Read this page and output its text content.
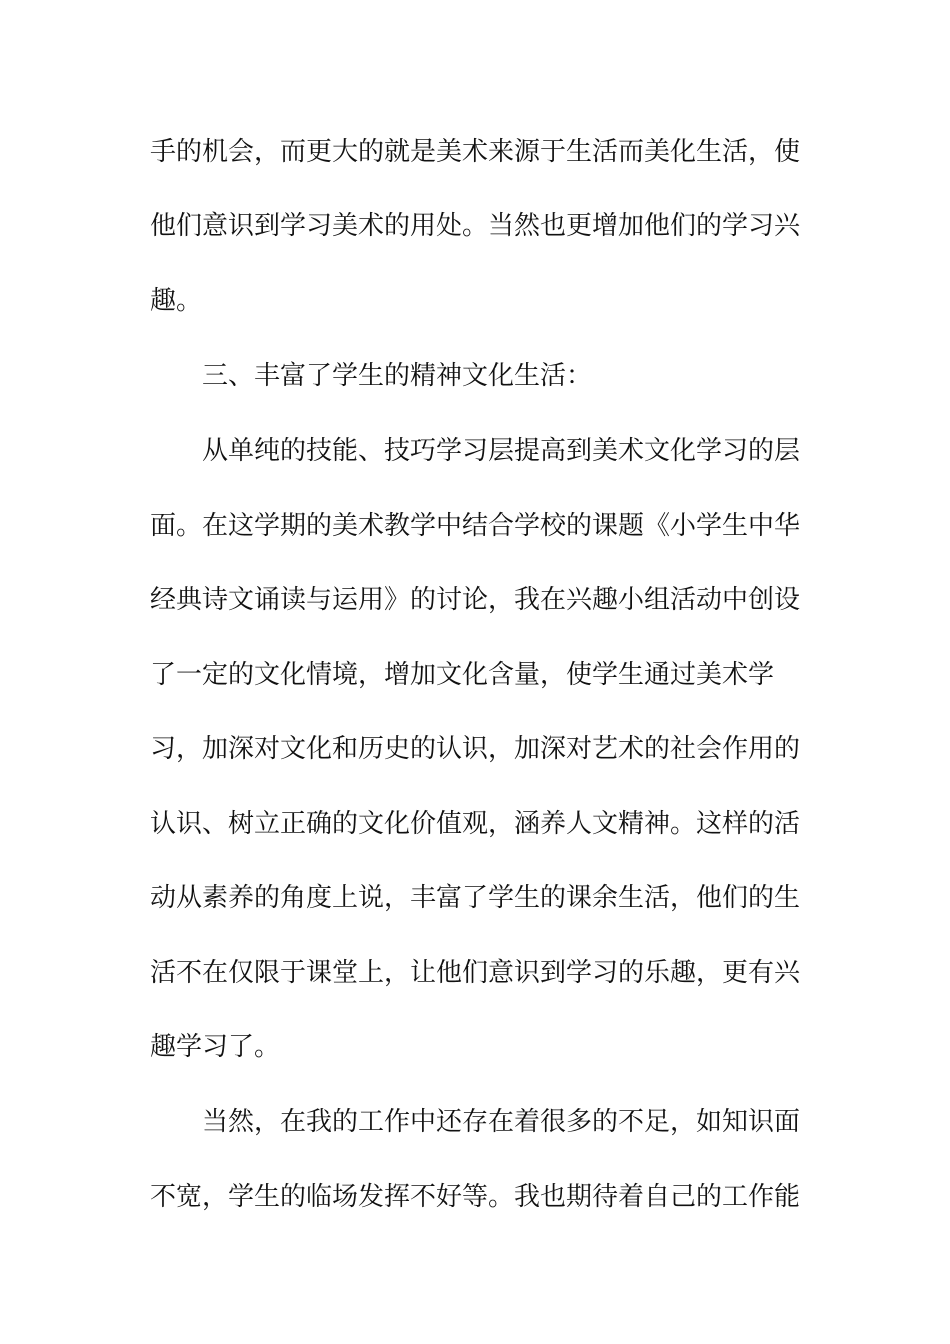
手的机会，而更大的就是美术来源于生活而美化生活，使
他们意识到学习美术的用处。当然也更增加他们的学习兴
趣。
三、丰富了学生的精神文化生活：
从单纯的技能、技巧学习层提高到美术文化学习的层
面。在这学期的美术教学中结合学校的课题《小学生中华
经典诗文诵读与运用》的讨论，我在兴趣小组活动中创设
了一定的文化情境，增加文化含量，使学生通过美术学
习，加深对文化和历史的认识，加深对艺术的社会作用的
认识、树立正确的文化价值观，涵养人文精神。这样的活
动从素养的角度上说，丰富了学生的课余生活，他们的生
活不在仅限于课堂上，让他们意识到学习的乐趣，更有兴
趣学习了。
当然，在我的工作中还存在着很多的不足，如知识面
不宽，学生的临场发挥不好等。我也期待着自己的工作能
